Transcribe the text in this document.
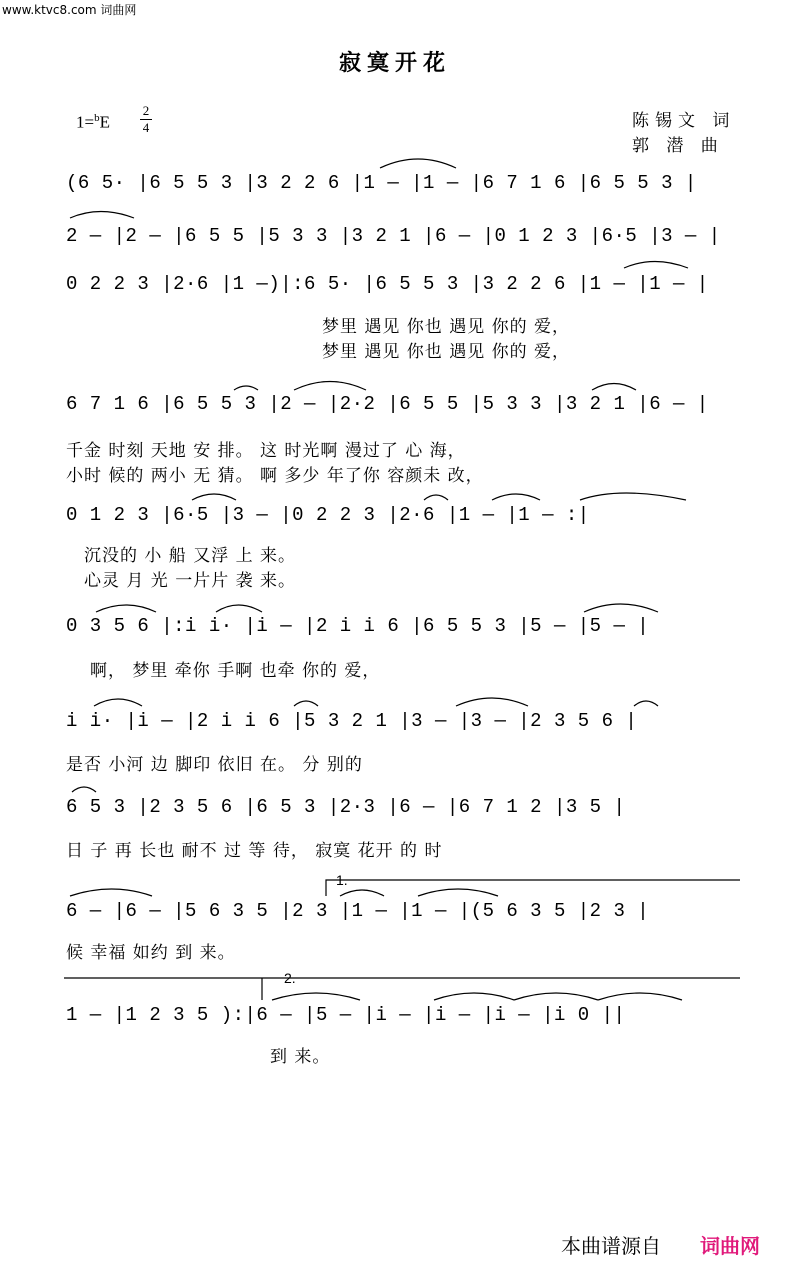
www.ktvc8.com 词曲网
寂寞开花
1=$^b$E
2
4	陈锡文 词
郭 潜 曲
(6 5· |6 5 5 3 |3 2 2 6 |1 — |1 — |6 7 1 6 |6 5 5 3 |
2 — |2 — |6 5 5 |5 3 3 |3 2 1 |6 — |0 1 2 3 |6·5 |3 — |
0 2 2 3 |2·6 |1 —)|:6 5· |6 5 5 3 |3 2 2 6 |1 — |1 — |
6 7 1 6 |6 5 5 3 |2 — |2·2 |6 5 5 |5 3 3 |3 2 1 |6 — |
0 1 2 3 |6·5 |3 — |0 2 2 3 |2·6 |1 — |1 — :|
0 3 5 6 |:i i· |i — |2 i i 6 |6 5 5 3 |5 — |5 — |
i i· |i — |2 i i 6 |5 3 2 1 |3 — |3 — |2 3 5 6 |
6 5 3 |2 3 5 6 |6 5 3 |2·3 |6 — |6 7 1 2 |3 5 |
6 — |6 — |5 6 3 5 |2 3 |1 — |1 — |(5 6 3 5 |2 3 |
1 — |1 2 3 5 ):|6 — |5 — |i — |i — |i — |i 0 ||
梦里 遇见 你也 遇见 你的 爱，
梦里 遇见 你也 遇见 你的 爱，
千金 时刻 天地 安 排。 这 时光啊 漫过了 心 海，
小时 候的 两小 无 猜。 啊 多少 年了你 容颜未 改，
沉没的 小 船 又浮 上 来。
心灵 月 光 一片片 袭 来。
啊， 梦里 牵你 手啊 也牵 你的 爱，
是否 小河 边 脚印 依旧 在。 分 别的
日 子 再 长也 耐不 过 等 待， 寂寞 花开 的 时
候 幸福 如约 到 来。
到 来。
1.
2.
本曲谱源自 词曲网
